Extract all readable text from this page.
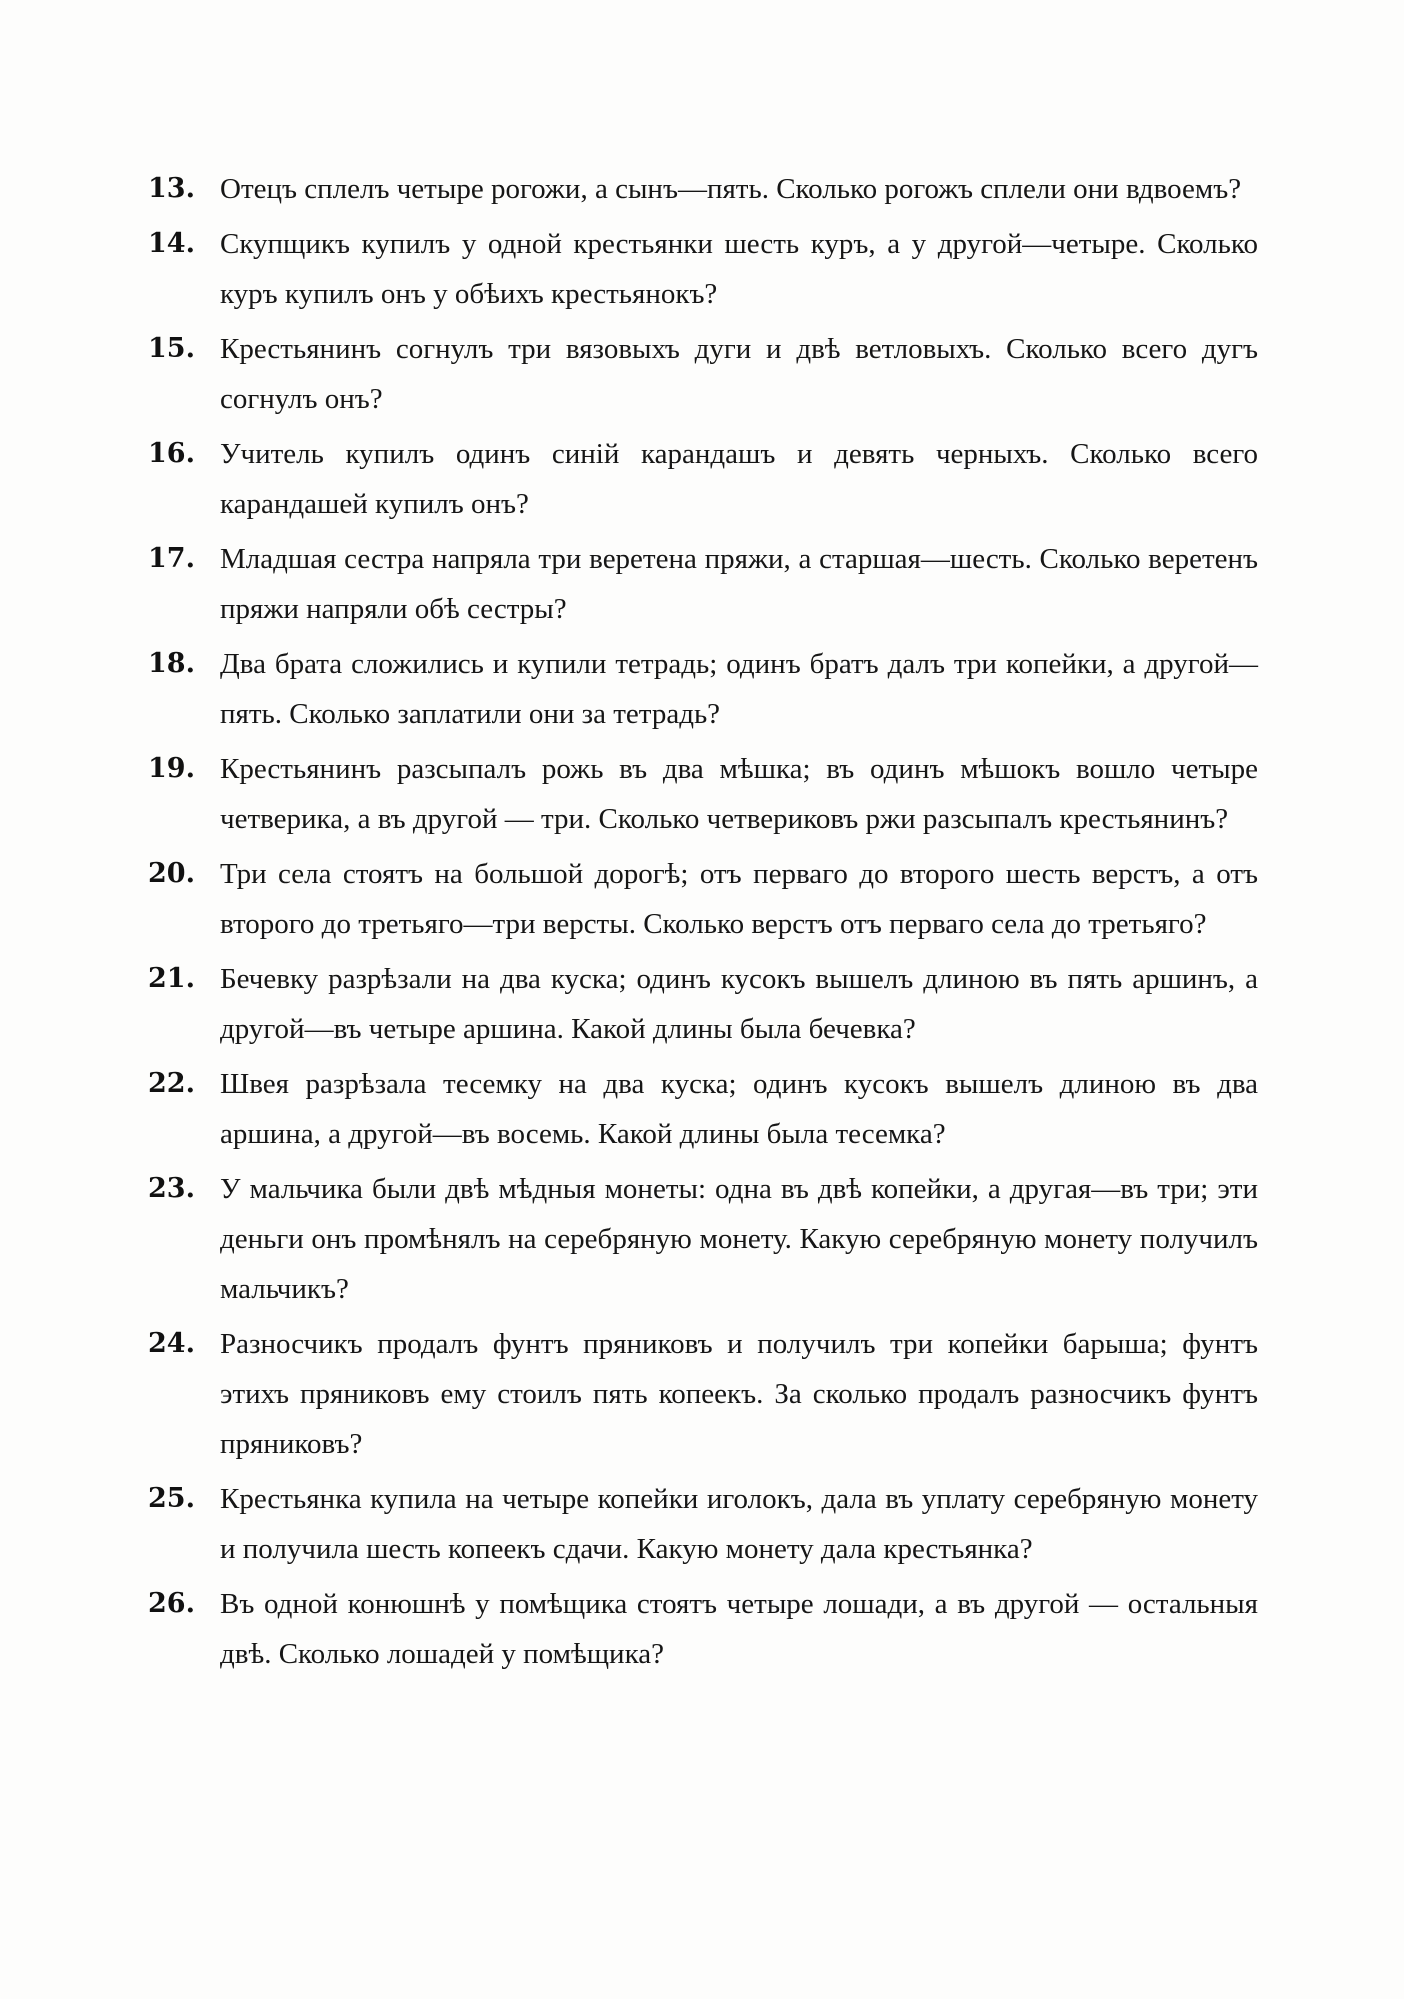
13. Отецъ сплелъ четыре рогожи, а сынъ—пять. Сколько рогожъ сплели они вдвоемъ?
14. Скупщикъ купилъ у одной крестьянки шесть куръ, а у другой—четыре. Сколько куръ купилъ онъ у обѣихъ крестьянокъ?
15. Крестьянинъ согнулъ три вязовыхъ дуги и двѣ ветловыхъ. Сколько всего дугъ согнулъ онъ?
16. Учитель купилъ одинъ синій карандашъ и девять черныхъ. Сколько всего карандашей купилъ онъ?
17. Младшая сестра напряла три веретена пряжи, а старшая—шесть. Сколько веретенъ пряжи напряли обѣ сестры?
18. Два брата сложились и купили тетрадь; одинъ братъ далъ три копейки, а другой—пять. Сколько заплатили они за тетрадь?
19. Крестьянинъ разсыпалъ рожь въ два мѣшка; въ одинъ мѣшокъ вошло четыре четверика, а въ другой — три. Сколько четвериковъ ржи разсыпалъ крестьянинъ?
20. Три села стоятъ на большой дорогѣ; отъ перваго до второго шесть верстъ, а отъ второго до третьяго—три версты. Сколько верстъ отъ перваго села до третьяго?
21. Бечевку разрѣзали на два куска; одинъ кусокъ вышелъ длиною въ пять аршинъ, а другой—въ четыре аршина. Какой длины была бечевка?
22. Швея разрѣзала тесемку на два куска; одинъ кусокъ вышелъ длиною въ два аршина, а другой—въ восемь. Какой длины была тесемка?
23. У мальчика были двѣ мѣдныя монеты: одна въ двѣ копейки, а другая—въ три; эти деньги онъ промѣнялъ на серебряную монету. Какую серебряную монету получилъ мальчикъ?
24. Разносчикъ продалъ фунтъ пряниковъ и получилъ три копейки барыша; фунтъ этихъ пряниковъ ему стоилъ пять копеекъ. За сколько продалъ разносчикъ фунтъ пряниковъ?
25. Крестьянка купила на четыре копейки иголокъ, дала въ уплату серебряную монету и получила шесть копеекъ сдачи. Какую монету дала крестьянка?
26. Въ одной конюшнѣ у помѣщика стоятъ четыре лошади, а въ другой — остальныя двѣ. Сколько лошадей у помѣщика?
